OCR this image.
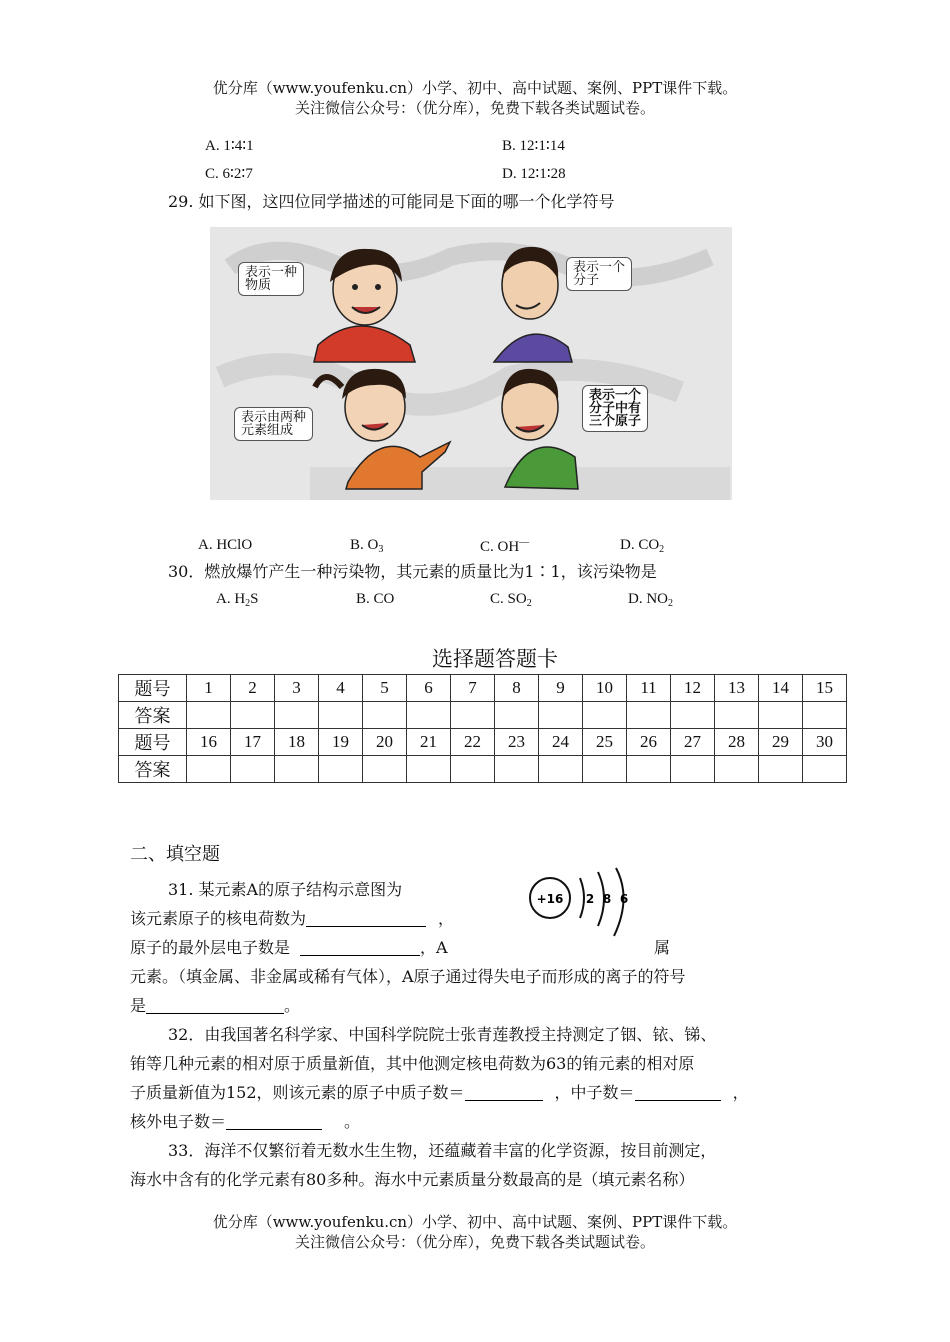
优分库（www.youfenku.cn）小学、初中、高中试题、案例、PPT课件下载。
关注微信公众号：（优分库），免费下载各类试题试卷。
A. 1∶4∶1	B. 12∶1∶14
C. 6∶2∶7	D. 12∶1∶28
29. 如下图，这四位同学描述的可能同是下面的哪一个化学符号
表示一种
物质
表示一个
分子
表示由两种
元素组成
表示一个
分子中有
三个原子
A. HClO	B. $O_3$	C. OH—	D. $CO_2$
30．燃放爆竹产生一种污染物，其元素的质量比为1∶1，该污染物是
A. $H_2S$	B. CO	C. $SO_2$	D. $NO_2$
选择题答题卡
题号	1	2	3	4	5	6	7	8	9	10	11	12	13	14	15
答案															
题号	16	17	18	19	20	21	22	23	24	25	26	27	28	29	30
答案															
二、填空题
31. 某元素A的原子结构示意图为	+16 2 8 6
该元素原子的核电荷数为	，
原子的最外层电子数是	，A	属
元素。（填金属、非金属或稀有气体），A原子通过得失电子而形成的离子的符号
是	。
32．由我国著名科学家、中国科学院院士张青莲教授主持测定了铟、铱、锑、
铕等几种元素的相对原于质量新值，其中他测定核电荷数为63的铕元素的相对原
子质量新值为152，则该元素的原子中质子数＝	，中子数＝	，
核外电子数＝	。
33．海洋不仅繁衍着无数水生生物，还蕴藏着丰富的化学资源，按目前测定，
海水中含有的化学元素有80多种。海水中元素质量分数最高的是（填元素名称）
优分库（www.youfenku.cn）小学、初中、高中试题、案例、PPT课件下载。
关注微信公众号：（优分库），免费下载各类试题试卷。
